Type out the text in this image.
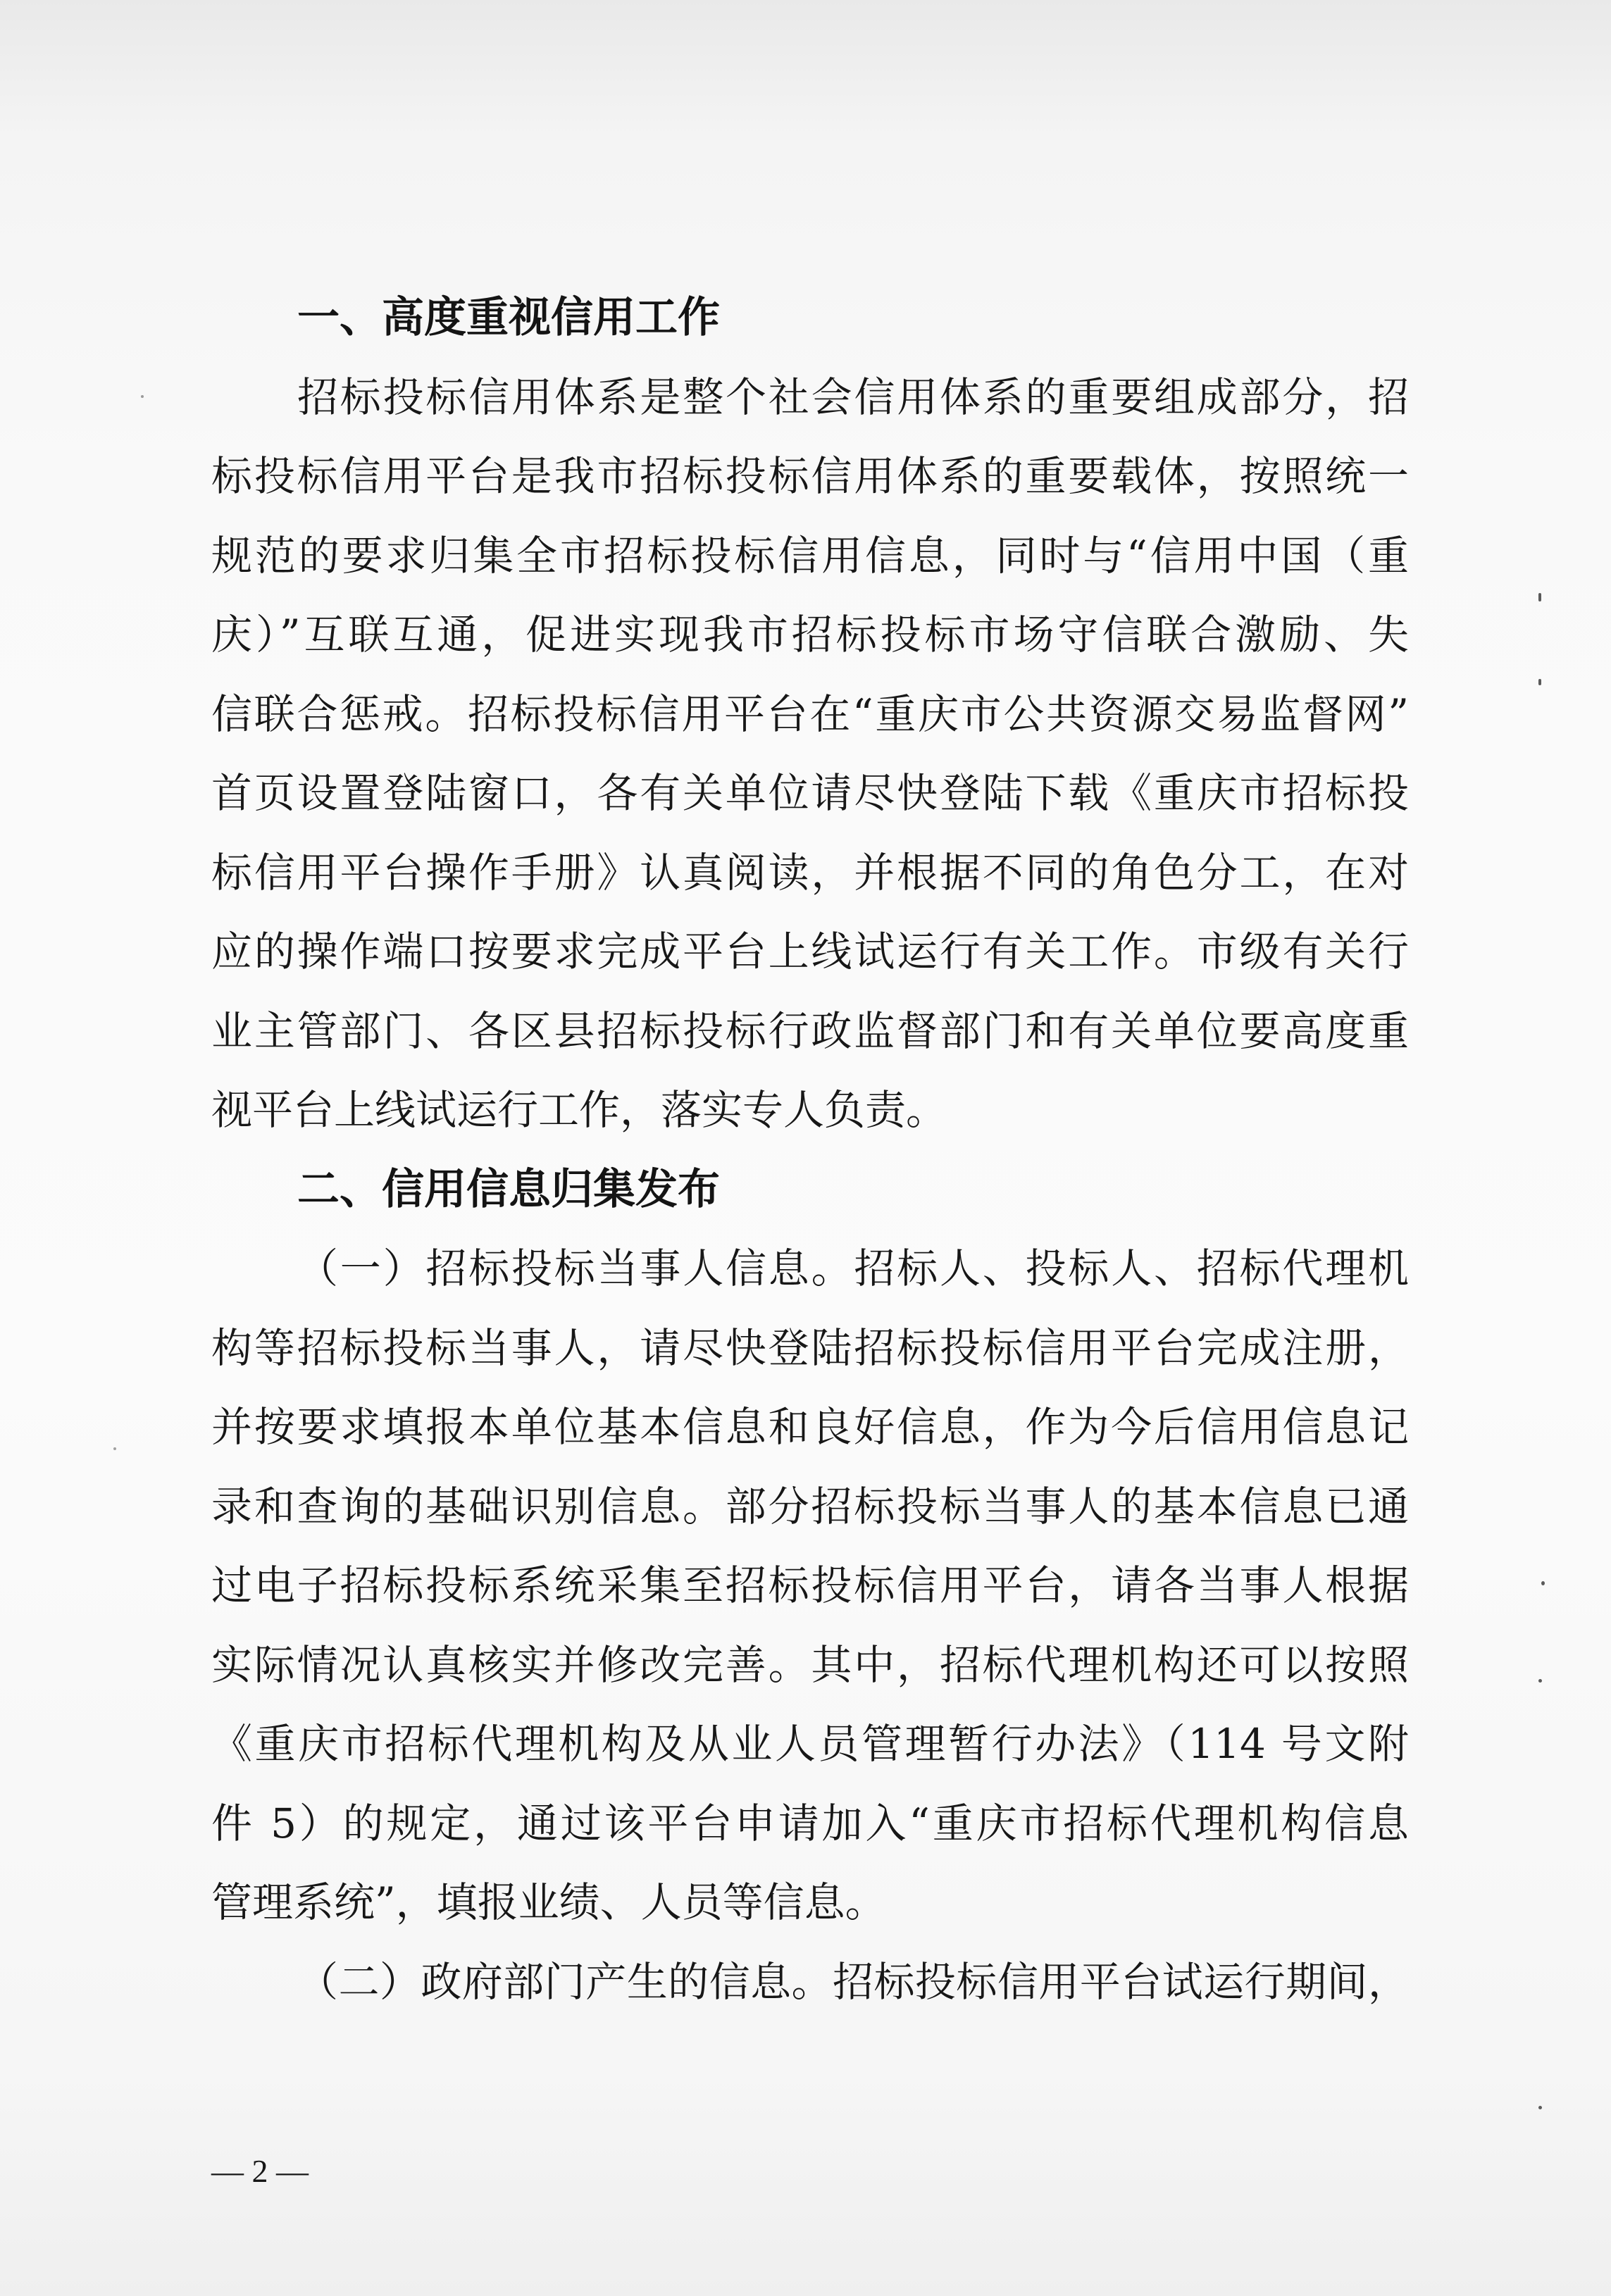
一、高度重视信用工作
招标投标信用体系是整个社会信用体系的重要组成部分，招
标投标信用平台是我市招标投标信用体系的重要载体，按照统一
规范的要求归集全市招标投标信用信息，同时与“信用中国（重
庆）”互联互通，促进实现我市招标投标市场守信联合激励、失
信联合惩戒。招标投标信用平台在“重庆市公共资源交易监督网”
首页设置登陆窗口，各有关单位请尽快登陆下载《重庆市招标投
标信用平台操作手册》认真阅读，并根据不同的角色分工，在对
应的操作端口按要求完成平台上线试运行有关工作。市级有关行
业主管部门、各区县招标投标行政监督部门和有关单位要高度重
视平台上线试运行工作，落实专人负责。
二、信用信息归集发布
（一）招标投标当事人信息。招标人、投标人、招标代理机
构等招标投标当事人，请尽快登陆招标投标信用平台完成注册，
并按要求填报本单位基本信息和良好信息，作为今后信用信息记
录和查询的基础识别信息。部分招标投标当事人的基本信息已通
过电子招标投标系统采集至招标投标信用平台，请各当事人根据
实际情况认真核实并修改完善。其中，招标代理机构还可以按照
《重庆市招标代理机构及从业人员管理暂行办法》（114 号文附
件 5）的规定，通过该平台申请加入“重庆市招标代理机构信息
管理系统”，填报业绩、人员等信息。
（二）政府部门产生的信息。招标投标信用平台试运行期间，
— 2 —
